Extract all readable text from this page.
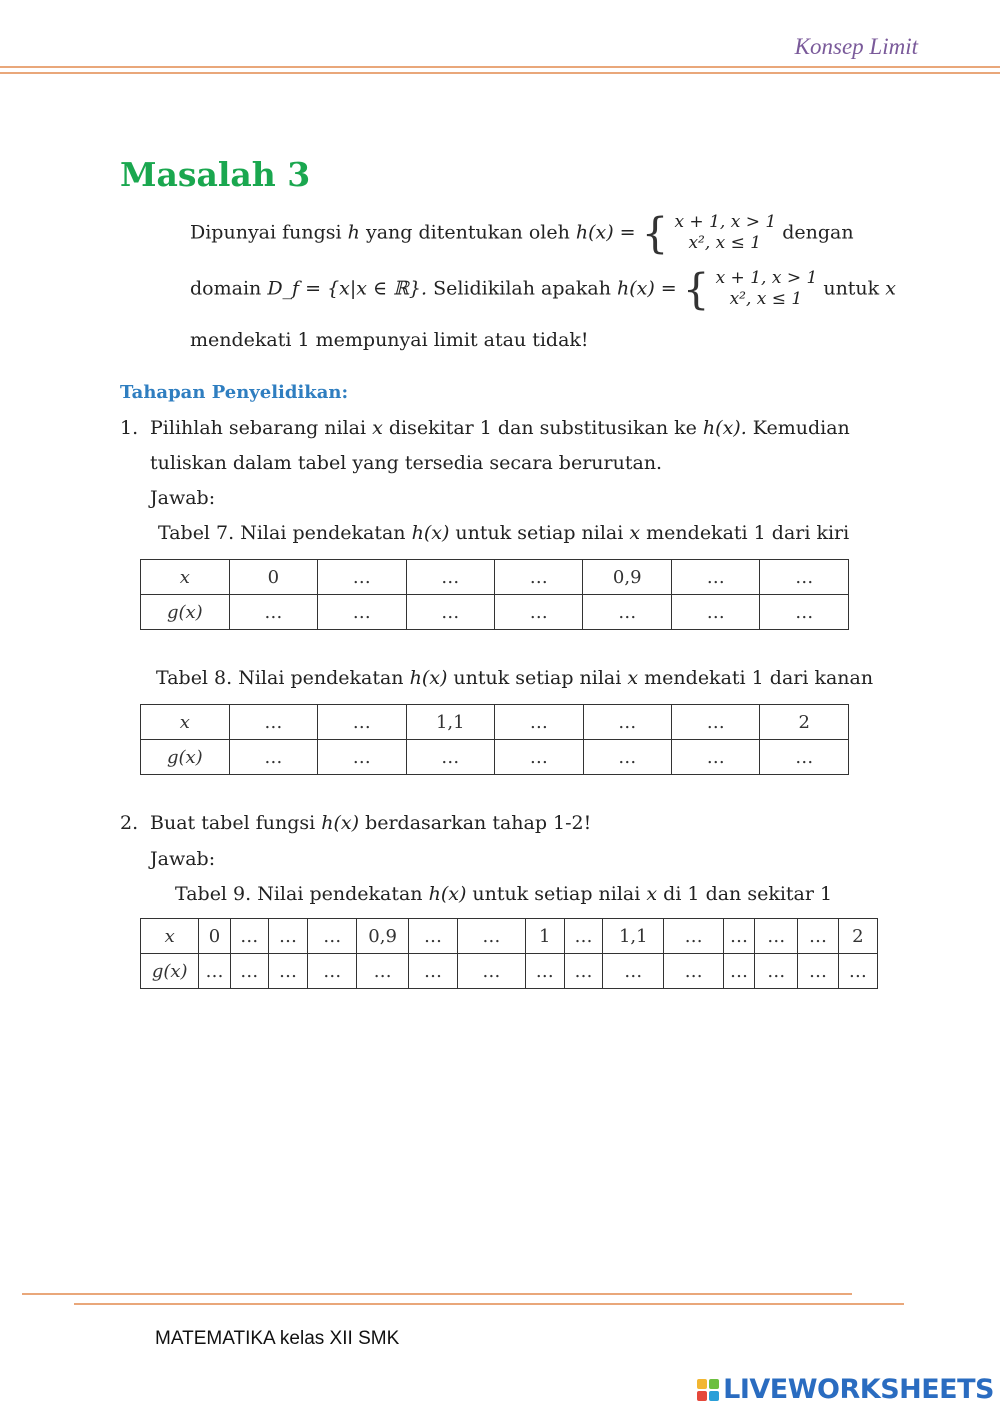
Konsep Limit
Masalah 3
Dipunyai fungsi h yang ditentukan oleh h(x) = { x + 1, x > 1
x², x ≤ 1	dengan
domain D_f = {x|x ∈ ℝ}. Selidikilah apakah h(x) = { x + 1, x > 1
x², x ≤ 1	untuk x
mendekati 1 mempunyai limit atau tidak!
Tahapan Penyelidikan:
1. Pilihlah sebarang nilai x disekitar 1 dan substitusikan ke h(x). Kemudian
tuliskan dalam tabel yang tersedia secara berurutan.
Jawab:
Tabel 7. Nilai pendekatan h(x) untuk setiap nilai x mendekati 1 dari kiri
x	0	…	…	…	0,9	…	…
g(x)	…	…	…	…	…	…	…
Tabel 8. Nilai pendekatan h(x) untuk setiap nilai x mendekati 1 dari kanan
x	…	…	1,1	…	…	…	2
g(x)	…	…	…	…	…	…	…
2. Buat tabel fungsi h(x) berdasarkan tahap 1-2!
Jawab:
Tabel 9. Nilai pendekatan h(x) untuk setiap nilai x di 1 dan sekitar 1
x	0	…	…	…	0,9	…	…	1	…	1,1	…	…	…	…	2
g(x)	…	…	…	…	…	…	…	…	…	…	…	…	…	…	…
MATEMATIKA kelas XII SMK
LIVEWORKSHEETS
